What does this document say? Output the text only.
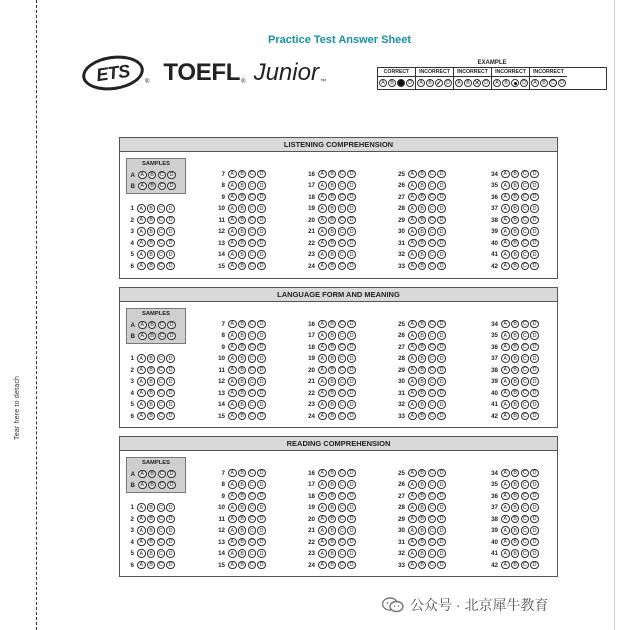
Tear here to detach
Practice Test Answer Sheet
ETS ® TOEFL ® Junior ™
EXAMPLE
CORRECT
A	B	C	D
INCORRECT
A	B ✓ D
INCORRECT
A	B ✕ D
INCORRECT
A	B	D
INCORRECT
A	B	C	D
LISTENING COMPREHENSION
SAMPLES
A	A	B	C	D
B	A	B	C	D
1	A	B	C	D
2	A	B	C	D
3	A	B	C	D
4	A	B	C	D
5	A	B	C	D
6	A	B	C	D
7	A	B	C	D
8	A	B	C	D
9	A	B	C	D
10	A	B	C	D
11	A	B	C	D
12	A	B	C	D
13	A	B	C	D
14	A	B	C	D
15	A	B	C	D
16	A	B	C	D
17	A	B	C	D
18	A	B	C	D
19	A	B	C	D
20	A	B	C	D
21	A	B	C	D
22	A	B	C	D
23	A	B	C	D
24	A	B	C	D
25	A	B	C	D
26	A	B	C	D
27	A	B	C	D
28	A	B	C	D
29	A	B	C	D
30	A	B	C	D
31	A	B	C	D
32	A	B	C	D
33	A	B	C	D
34	A	B	C	D
35	A	B	C	D
36	A	B	C	D
37	A	B	C	D
38	A	B	C	D
39	A	B	C	D
40	A	B	C	D
41	A	B	C	D
42	A	B	C	D
LANGUAGE FORM AND MEANING
SAMPLES
A	A	B	C	D
B	A	B	C	D
1	A	B	C	D
2	A	B	C	D
3	A	B	C	D
4	A	B	C	D
5	A	B	C	D
6	A	B	C	D
7	A	B	C	D
8	A	B	C	D
9	A	B	C	D
10	A	B	C	D
11	A	B	C	D
12	A	B	C	D
13	A	B	C	D
14	A	B	C	D
15	A	B	C	D
16	A	B	C	D
17	A	B	C	D
18	A	B	C	D
19	A	B	C	D
20	A	B	C	D
21	A	B	C	D
22	A	B	C	D
23	A	B	C	D
24	A	B	C	D
25	A	B	C	D
26	A	B	C	D
27	A	B	C	D
28	A	B	C	D
29	A	B	C	D
30	A	B	C	D
31	A	B	C	D
32	A	B	C	D
33	A	B	C	D
34	A	B	C	D
35	A	B	C	D
36	A	B	C	D
37	A	B	C	D
38	A	B	C	D
39	A	B	C	D
40	A	B	C	D
41	A	B	C	D
42	A	B	C	D
READING COMPREHENSION
SAMPLES
A	A	B	C	D
B	A	B	C	D
1	A	B	C	D
2	A	B	C	D
3	A	B	C	D
4	A	B	C	D
5	A	B	C	D
6	A	B	C	D
7	A	B	C	D
8	A	B	C	D
9	A	B	C	D
10	A	B	C	D
11	A	B	C	D
12	A	B	C	D
13	A	B	C	D
14	A	B	C	D
15	A	B	C	D
16	A	B	C	D
17	A	B	C	D
18	A	B	C	D
19	A	B	C	D
20	A	B	C	D
21	A	B	C	D
22	A	B	C	D
23	A	B	C	D
24	A	B	C	D
25	A	B	C	D
26	A	B	C	D
27	A	B	C	D
28	A	B	C	D
29	A	B	C	D
30	A	B	C	D
31	A	B	C	D
32	A	B	C	D
33	A	B	C	D
34	A	B	C	D
35	A	B	C	D
36	A	B	C	D
37	A	B	C	D
38	A	B	C	D
39	A	B	C	D
40	A	B	C	D
41	A	B	C	D
42	A	B	C	D
公众号 · 北京犀牛教育
